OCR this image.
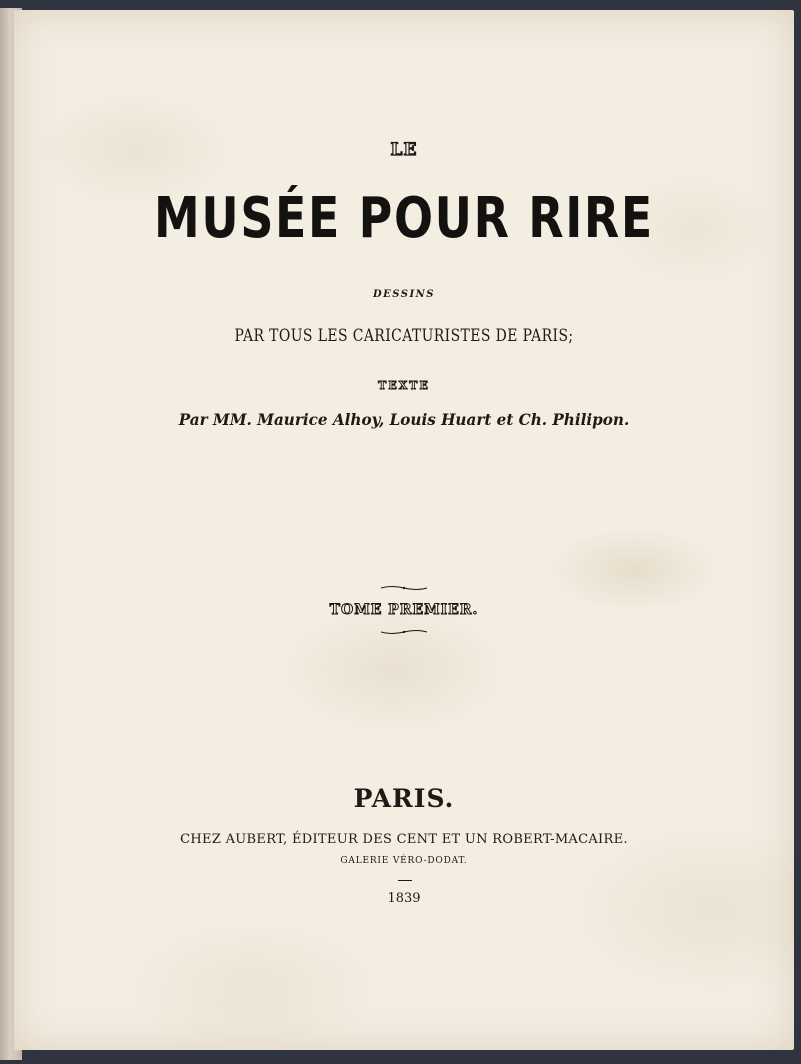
LE
MUSÉE POUR RIRE
DESSINS
PAR TOUS LES CARICATURISTES DE PARIS;
TEXTE
Par MM. Maurice Alhoy, Louis Huart et Ch. Philipon.
TOME PREMIER.
PARIS.
CHEZ AUBERT, ÉDITEUR DES CENT ET UN ROBERT-MACAIRE.
GALERIE VÉRO-DODAT.
1839
